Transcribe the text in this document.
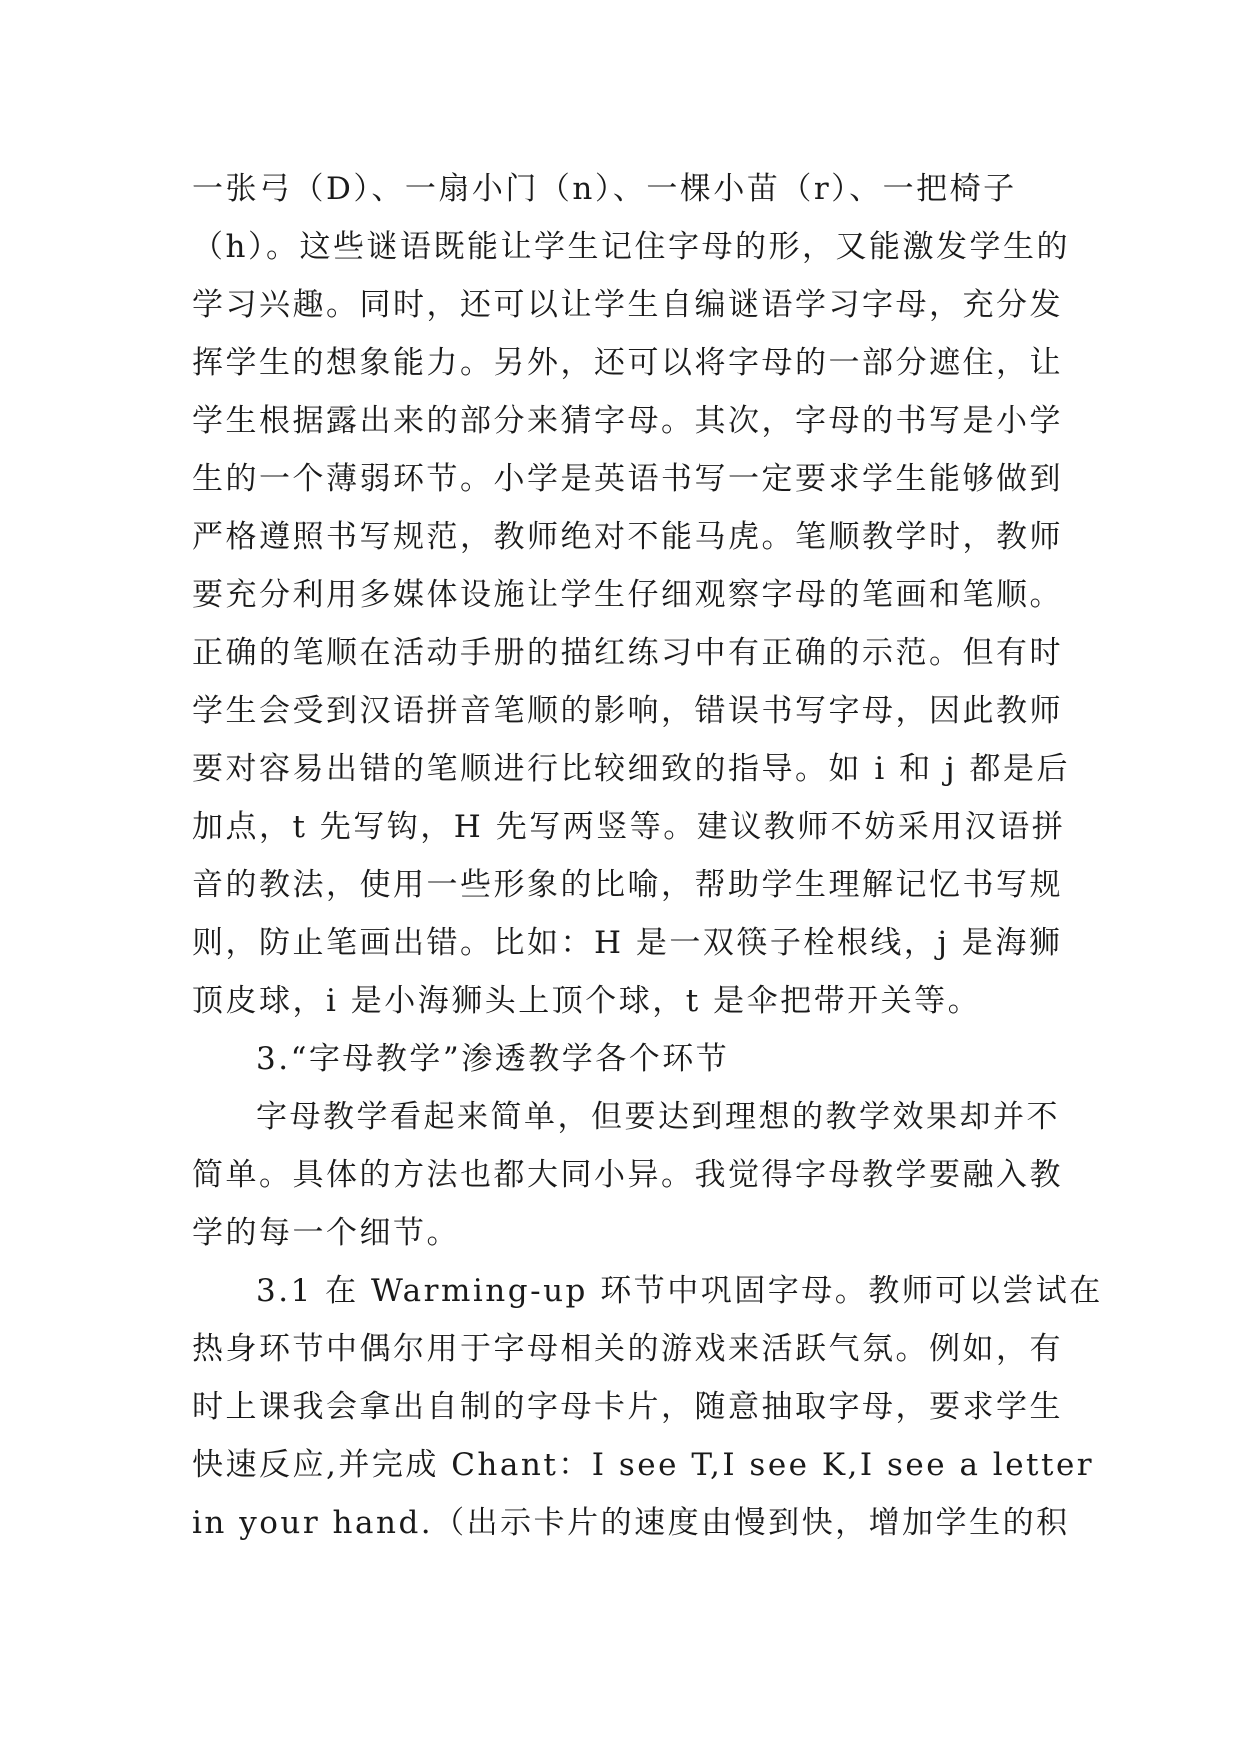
一张弓（D）、一扇小门（n）、一棵小苗（r）、一把椅子
（h）。这些谜语既能让学生记住字母的形，又能激发学生的
学习兴趣。同时，还可以让学生自编谜语学习字母，充分发
挥学生的想象能力。另外，还可以将字母的一部分遮住，让
学生根据露出来的部分来猜字母。其次，字母的书写是小学
生的一个薄弱环节。小学是英语书写一定要求学生能够做到
严格遵照书写规范，教师绝对不能马虎。笔顺教学时，教师
要充分利用多媒体设施让学生仔细观察字母的笔画和笔顺。
正确的笔顺在活动手册的描红练习中有正确的示范。但有时
学生会受到汉语拼音笔顺的影响，错误书写字母，因此教师
要对容易出错的笔顺进行比较细致的指导。如 i 和 j 都是后
加点，t 先写钩，H 先写两竖等。建议教师不妨采用汉语拼
音的教法，使用一些形象的比喻，帮助学生理解记忆书写规
则，防止笔画出错。比如：H 是一双筷子栓根线，j 是海狮
顶皮球，i 是小海狮头上顶个球，t 是伞把带开关等。
3.“字母教学”渗透教学各个环节
字母教学看起来简单，但要达到理想的教学效果却并不
简单。具体的方法也都大同小异。我觉得字母教学要融入教
学的每一个细节。
3.1 在 Warming-up 环节中巩固字母。教师可以尝试在
热身环节中偶尔用于字母相关的游戏来活跃气氛。例如，有
时上课我会拿出自制的字母卡片，随意抽取字母，要求学生
快速反应,并完成 Chant：I see T,I see K,I see a letter
in your hand.（出示卡片的速度由慢到快，增加学生的积
